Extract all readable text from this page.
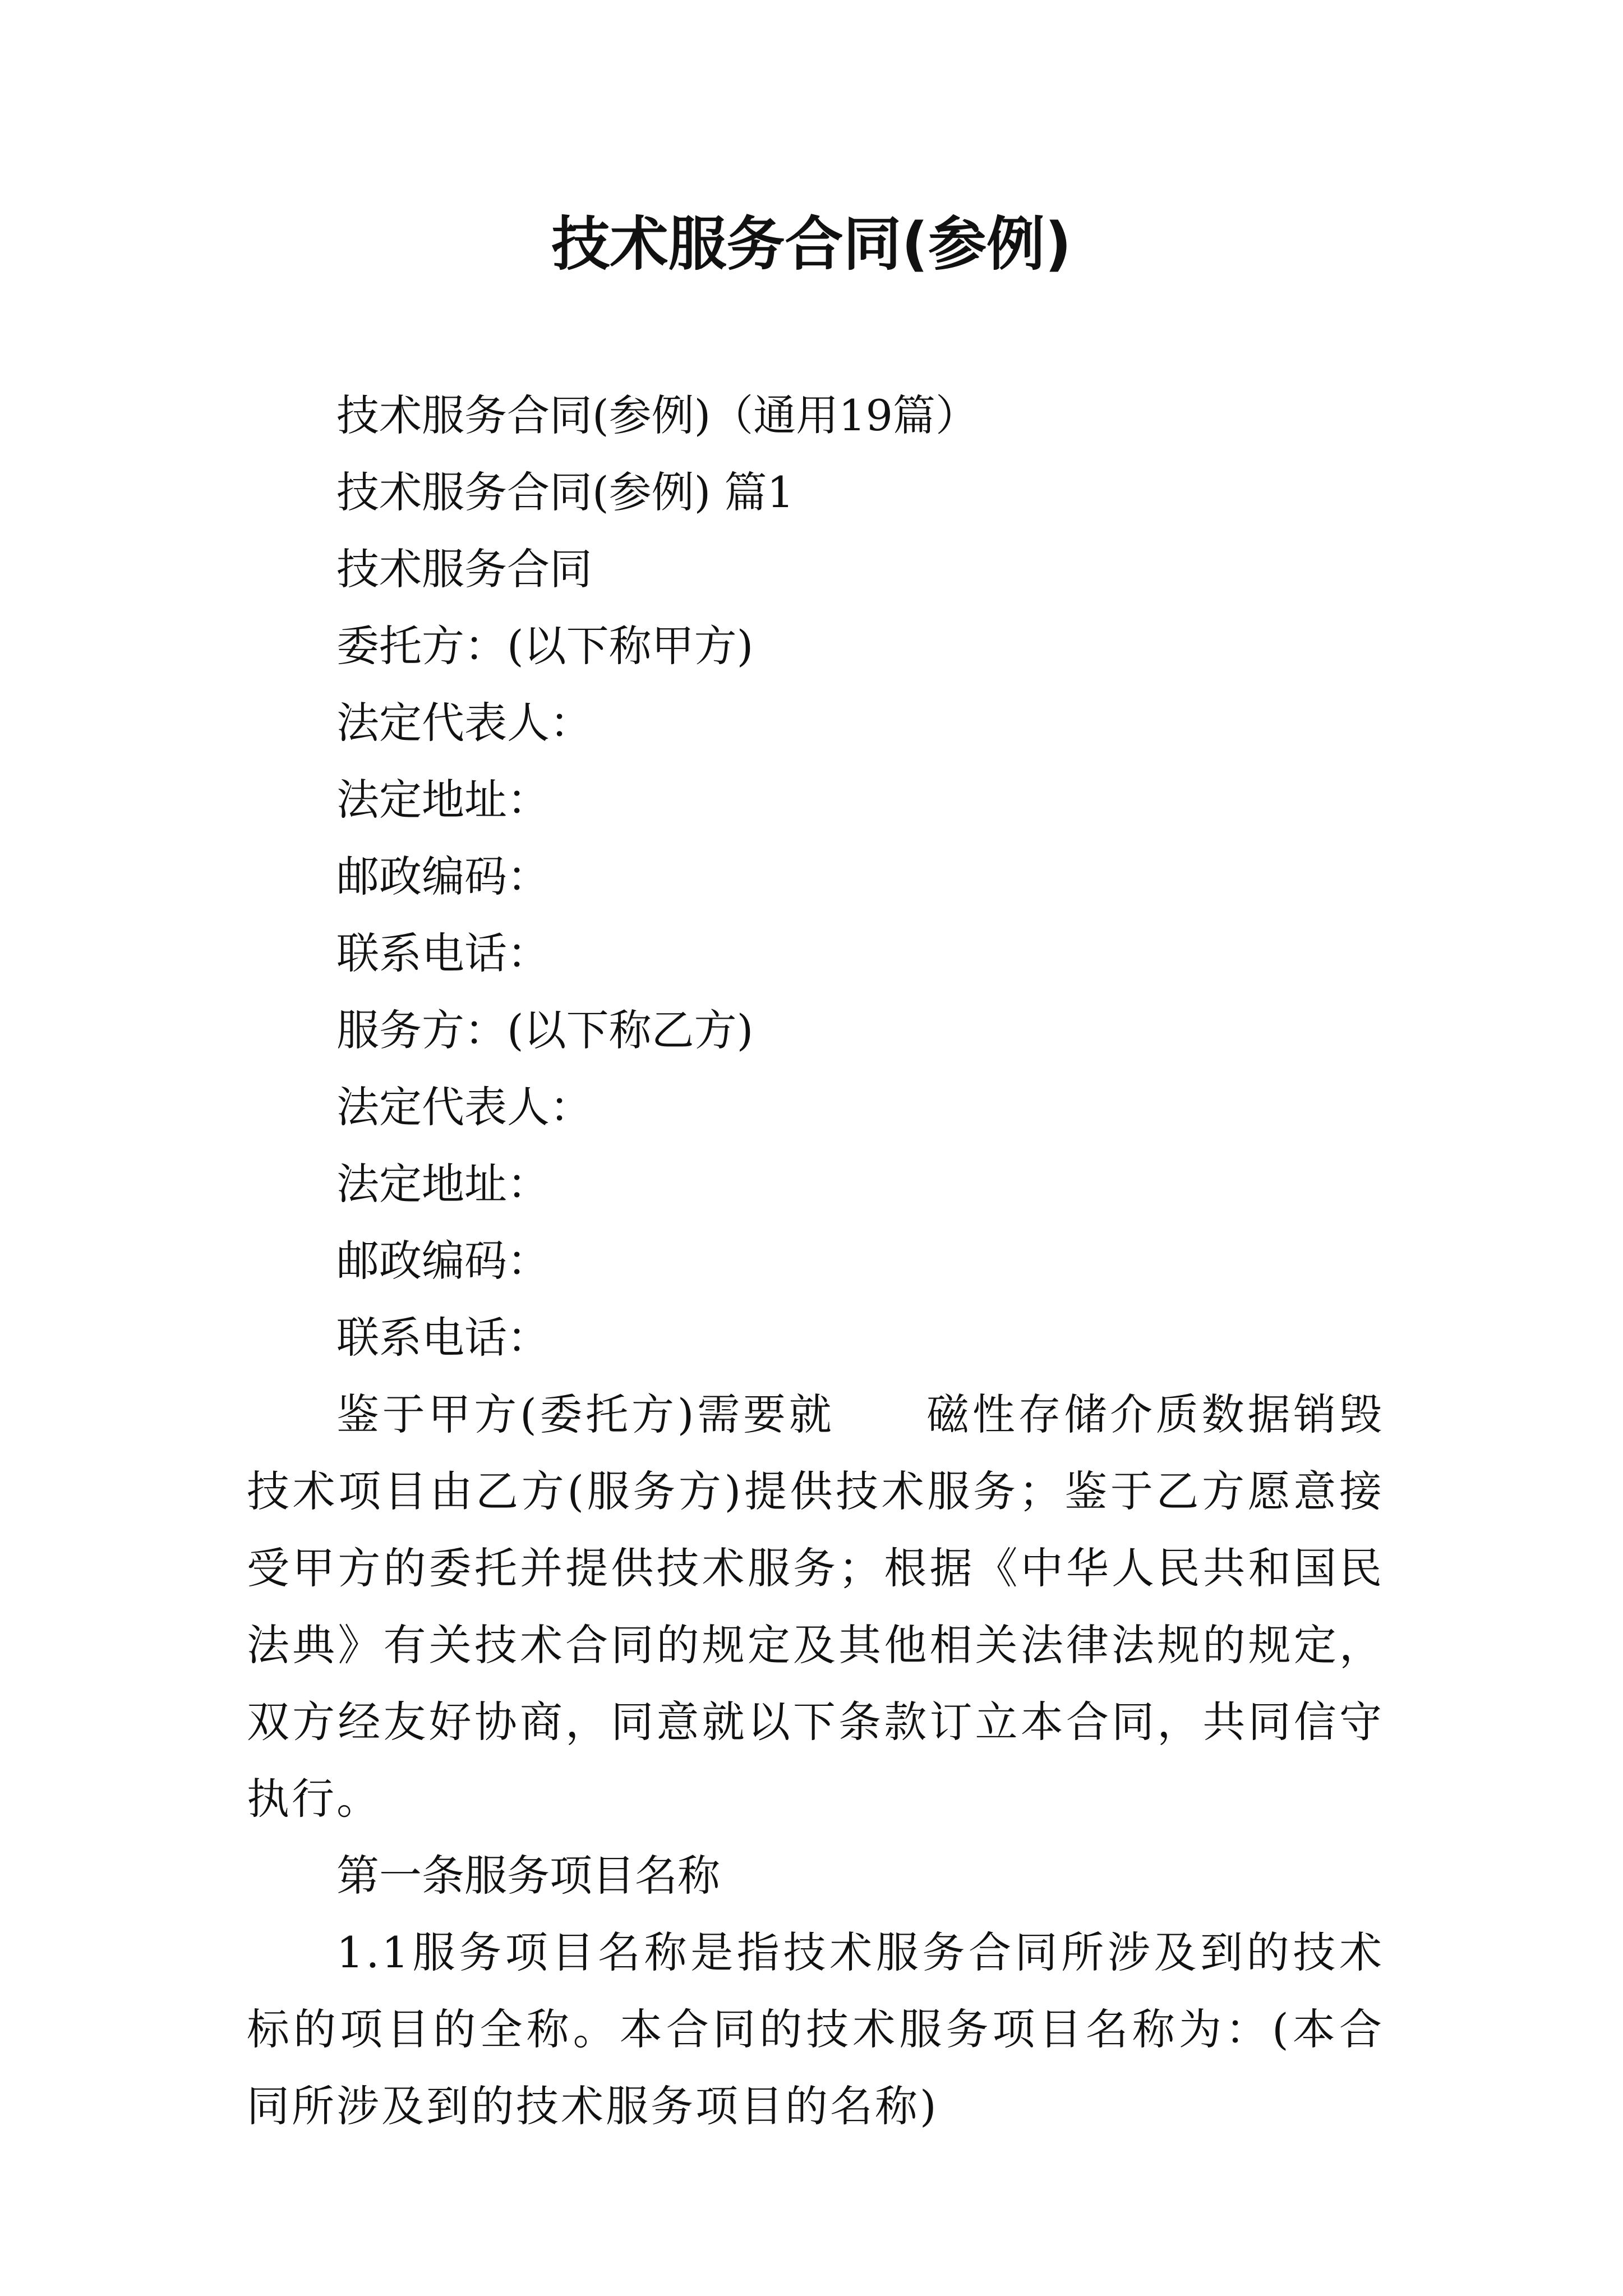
技术服务合同(参例)

技术服务合同(参例)（通用19篇）

技术服务合同(参例) 篇1

技术服务合同

委托方：(以下称甲方)

法定代表人：

法定地址：

邮政编码：

联系电话：

服务方：(以下称乙方)

法定代表人：

法定地址：

邮政编码：

联系电话：

鉴于甲方(委托方)需要就　　磁性存储介质数据销毁技术项目由乙方(服务方)提供技术服务；鉴于乙方愿意接受甲方的委托并提供技术服务；根据《中华人民共和国民法典》有关技术合同的规定及其他相关法律法规的规定，双方经友好协商，同意就以下条款订立本合同，共同信守执行。

第一条服务项目名称

1.1服务项目名称是指技术服务合同所涉及到的技术标的项目的全称。本合同的技术服务项目名称为：(本合同所涉及到的技术服务项目的名称)
